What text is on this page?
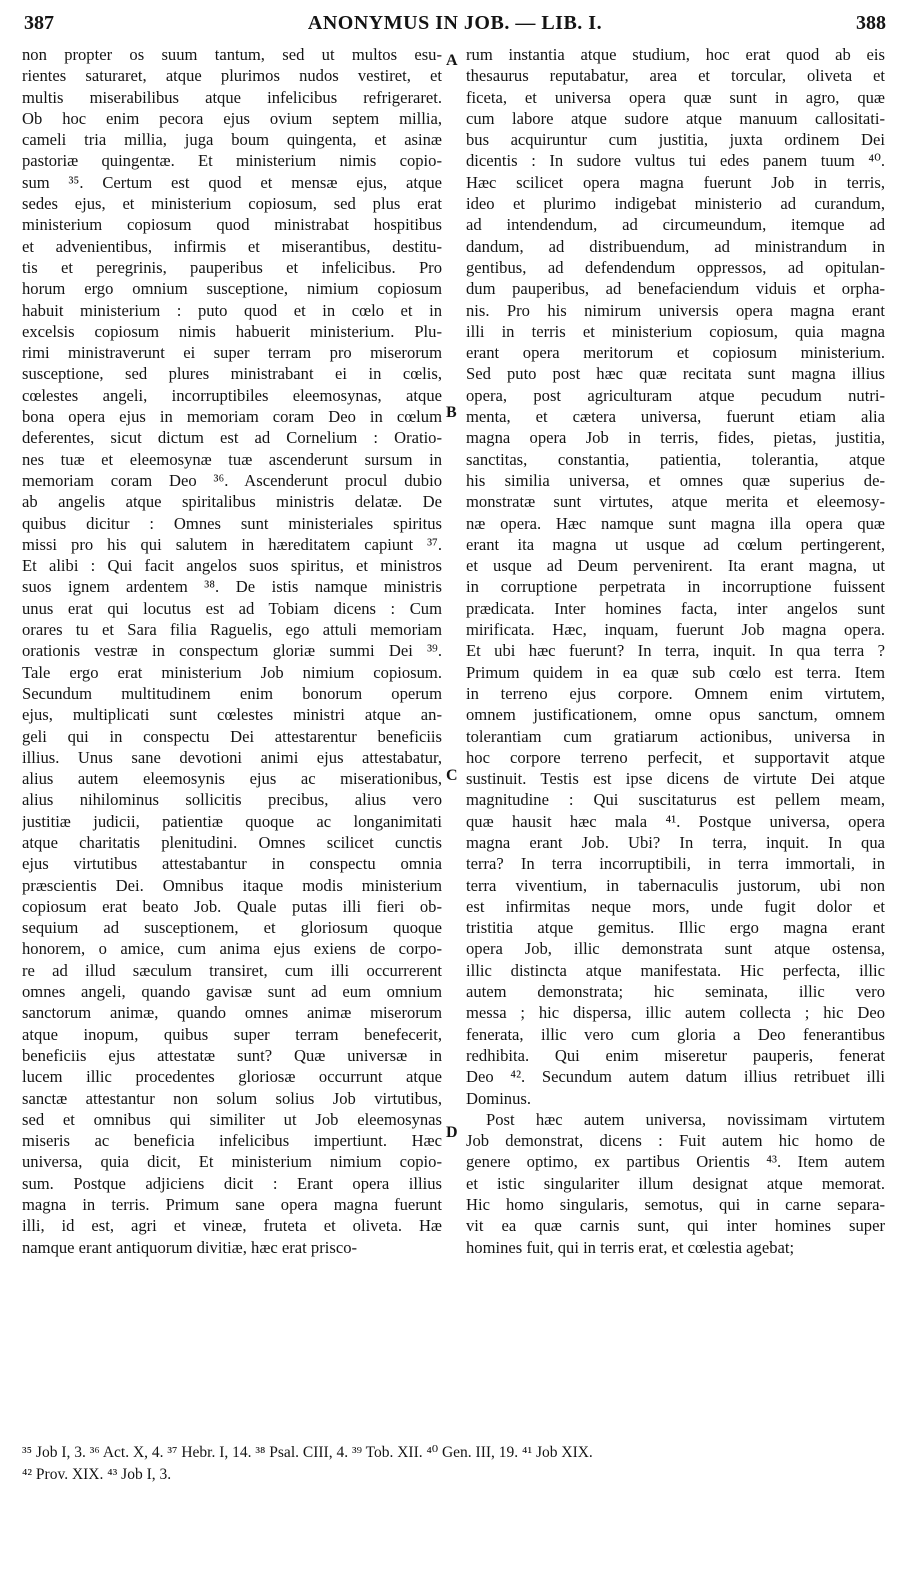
387	ANONYMUS IN JOB. — LIB. I.	388
non propter os suum tantum, sed ut multos esu-
rientes saturaret, atque plurimos nudos vestiret, et
multis miserabilibus atque infelicibus refrigeraret.
Ob hoc enim pecora ejus ovium septem millia,
cameli tria millia, juga boum quingenta, et asinæ
pastoriæ quingentæ. Et ministerium nimis copio-
sum ³⁵. Certum est quod et mensæ ejus, atque
sedes ejus, et ministerium copiosum, sed plus erat
ministerium copiosum quod ministrabat hospitibus
et advenientibus, infirmis et miserantibus, destitu-
tis et peregrinis, pauperibus et infelicibus. Pro
horum ergo omnium susceptione, nimium copiosum
habuit ministerium : puto quod et in cœlo et in
excelsis copiosum nimis habuerit ministerium. Plu-
rimi ministraverunt ei super terram pro miserorum
susceptione, sed plures ministrabant ei in cœlis,
cœlestes angeli, incorruptibiles eleemosynas, atque
bona opera ejus in memoriam coram Deo in cœlum
deferentes, sicut dictum est ad Cornelium : Oratio-
nes tuæ et eleemosynæ tuæ ascenderunt sursum in
memoriam coram Deo ³⁶. Ascenderunt procul dubio
ab angelis atque spiritalibus ministris delatæ. De
quibus dicitur : Omnes sunt ministeriales spiritus
missi pro his qui salutem in hæreditatem capiunt ³⁷.
Et alibi : Qui facit angelos suos spiritus, et ministros
suos ignem ardentem ³⁸. De istis namque ministris
unus erat qui locutus est ad Tobiam dicens : Cum
orares tu et Sara filia Raguelis, ego attuli memoriam
orationis vestræ in conspectum gloriæ summi Dei ³⁹.
Tale ergo erat ministerium Job nimium copiosum.
Secundum multitudinem enim bonorum operum
ejus, multiplicati sunt cœlestes ministri atque an-
geli qui in conspectu Dei attestarentur beneficiis
illius. Unus sane devotioni animi ejus attestabatur,
alius autem eleemosynis ejus ac miserationibus,
alius nihilominus sollicitis precibus, alius vero
justitiæ judicii, patientiæ quoque ac longanimitati
atque charitatis plenitudini. Omnes scilicet cunctis
ejus virtutibus attestabantur in conspectu omnia
præscientis Dei. Omnibus itaque modis ministerium
copiosum erat beato Job. Quale putas illi fieri ob-
sequium ad susceptionem, et gloriosum quoque
honorem, o amice, cum anima ejus exiens de corpo-
re ad illud sæculum transiret, cum illi occurrerent
omnes angeli, quando gavisæ sunt ad eum omnium
sanctorum animæ, quando omnes animæ miserorum
atque inopum, quibus super terram benefecerit,
beneficiis ejus attestatæ sunt? Quæ universæ in
lucem illic procedentes gloriosæ occurrunt atque
sanctæ attestantur non solum solius Job virtutibus,
sed et omnibus qui similiter ut Job eleemosynas
miseris ac beneficia infelicibus impertiunt. Hæc
universa, quia dicit, Et ministerium nimium copio-
sum. Postque adjiciens dicit : Erant opera illius
magna in terris. Primum sane opera magna fuerunt
illi, id est, agri et vineæ, fruteta et oliveta. Hæ
namque erant antiquorum divitiæ, hæc erat prisco-
rum instantia atque studium, hoc erat quod ab eis
thesaurus reputabatur, area et torcular, oliveta et
ficeta, et universa opera quæ sunt in agro, quæ
cum labore atque sudore atque manuum callositati-
bus acquiruntur cum justitia, juxta ordinem Dei
dicentis : In sudore vultus tui edes panem tuum ⁴⁰.
Hæc scilicet opera magna fuerunt Job in terris,
ideo et plurimo indigebat ministerio ad curandum,
ad intendendum, ad circumeundum, itemque ad
dandum, ad distribuendum, ad ministrandum in
gentibus, ad defendendum oppressos, ad opitulan-
dum pauperibus, ad benefaciendum viduis et orpha-
nis. Pro his nimirum universis opera magna erant
illi in terris et ministerium copiosum, quia magna
erant opera meritorum et copiosum ministerium.
Sed puto post hæc quæ recitata sunt magna illius
opera, post agriculturam atque pecudum nutri-
menta, et cætera universa, fuerunt etiam alia
magna opera Job in terris, fides, pietas, justitia,
sanctitas, constantia, patientia, tolerantia, atque
his similia universa, et omnes quæ superius de-
monstratæ sunt virtutes, atque merita et eleemosy-
næ opera. Hæc namque sunt magna illa opera quæ
erant ita magna ut usque ad cœlum pertingerent,
et usque ad Deum pervenirent. Ita erant magna, ut
in corruptione perpetrata in incorruptione fuissent
prædicata. Inter homines facta, inter angelos sunt
mirificata. Hæc, inquam, fuerunt Job magna opera.
Et ubi hæc fuerunt? In terra, inquit. In qua terra ?
Primum quidem in ea quæ sub cœlo est terra. Item
in terreno ejus corpore. Omnem enim virtutem,
omnem justificationem, omne opus sanctum, omnem
tolerantiam cum gratiarum actionibus, universa in
hoc corpore terreno perfecit, et supportavit atque
sustinuit. Testis est ipse dicens de virtute Dei atque
magnitudine : Qui suscitaturus est pellem meam,
quæ hausit hæc mala ⁴¹. Postque universa, opera
magna erant Job. Ubi? In terra, inquit. In qua
terra? In terra incorruptibili, in terra immortali, in
terra viventium, in tabernaculis justorum, ubi non
est infirmitas neque mors, unde fugit dolor et
tristitia atque gemitus. Illic ergo magna erant
opera Job, illic demonstrata sunt atque ostensa,
illic distincta atque manifestata. Hic perfecta, illic
autem demonstrata; hic seminata, illic vero
messa ; hic dispersa, illic autem collecta ; hic Deo
fenerata, illic vero cum gloria a Deo fenerantibus
redhibita. Qui enim miseretur pauperis, fenerat
Deo ⁴². Secundum autem datum illius retribuet illi
Dominus.
Post hæc autem universa, novissimam virtutem
Job demonstrat, dicens : Fuit autem hic homo de
genere optimo, ex partibus Orientis ⁴³. Item autem
et istic singulariter illum designat atque memorat.
Hic homo singularis, semotus, qui in carne separa-
vit ea quæ carnis sunt, qui inter homines super
homines fuit, qui in terris erat, et cœlestia agebat;
A
B
C
D
³⁵ Job I, 3. ³⁶ Act. X, 4. ³⁷ Hebr. I, 14. ³⁸ Psal. CIII, 4. ³⁹ Tob. XII. ⁴⁰ Gen. III, 19. ⁴¹ Job XIX.
⁴² Prov. XIX. ⁴³ Job I, 3.
